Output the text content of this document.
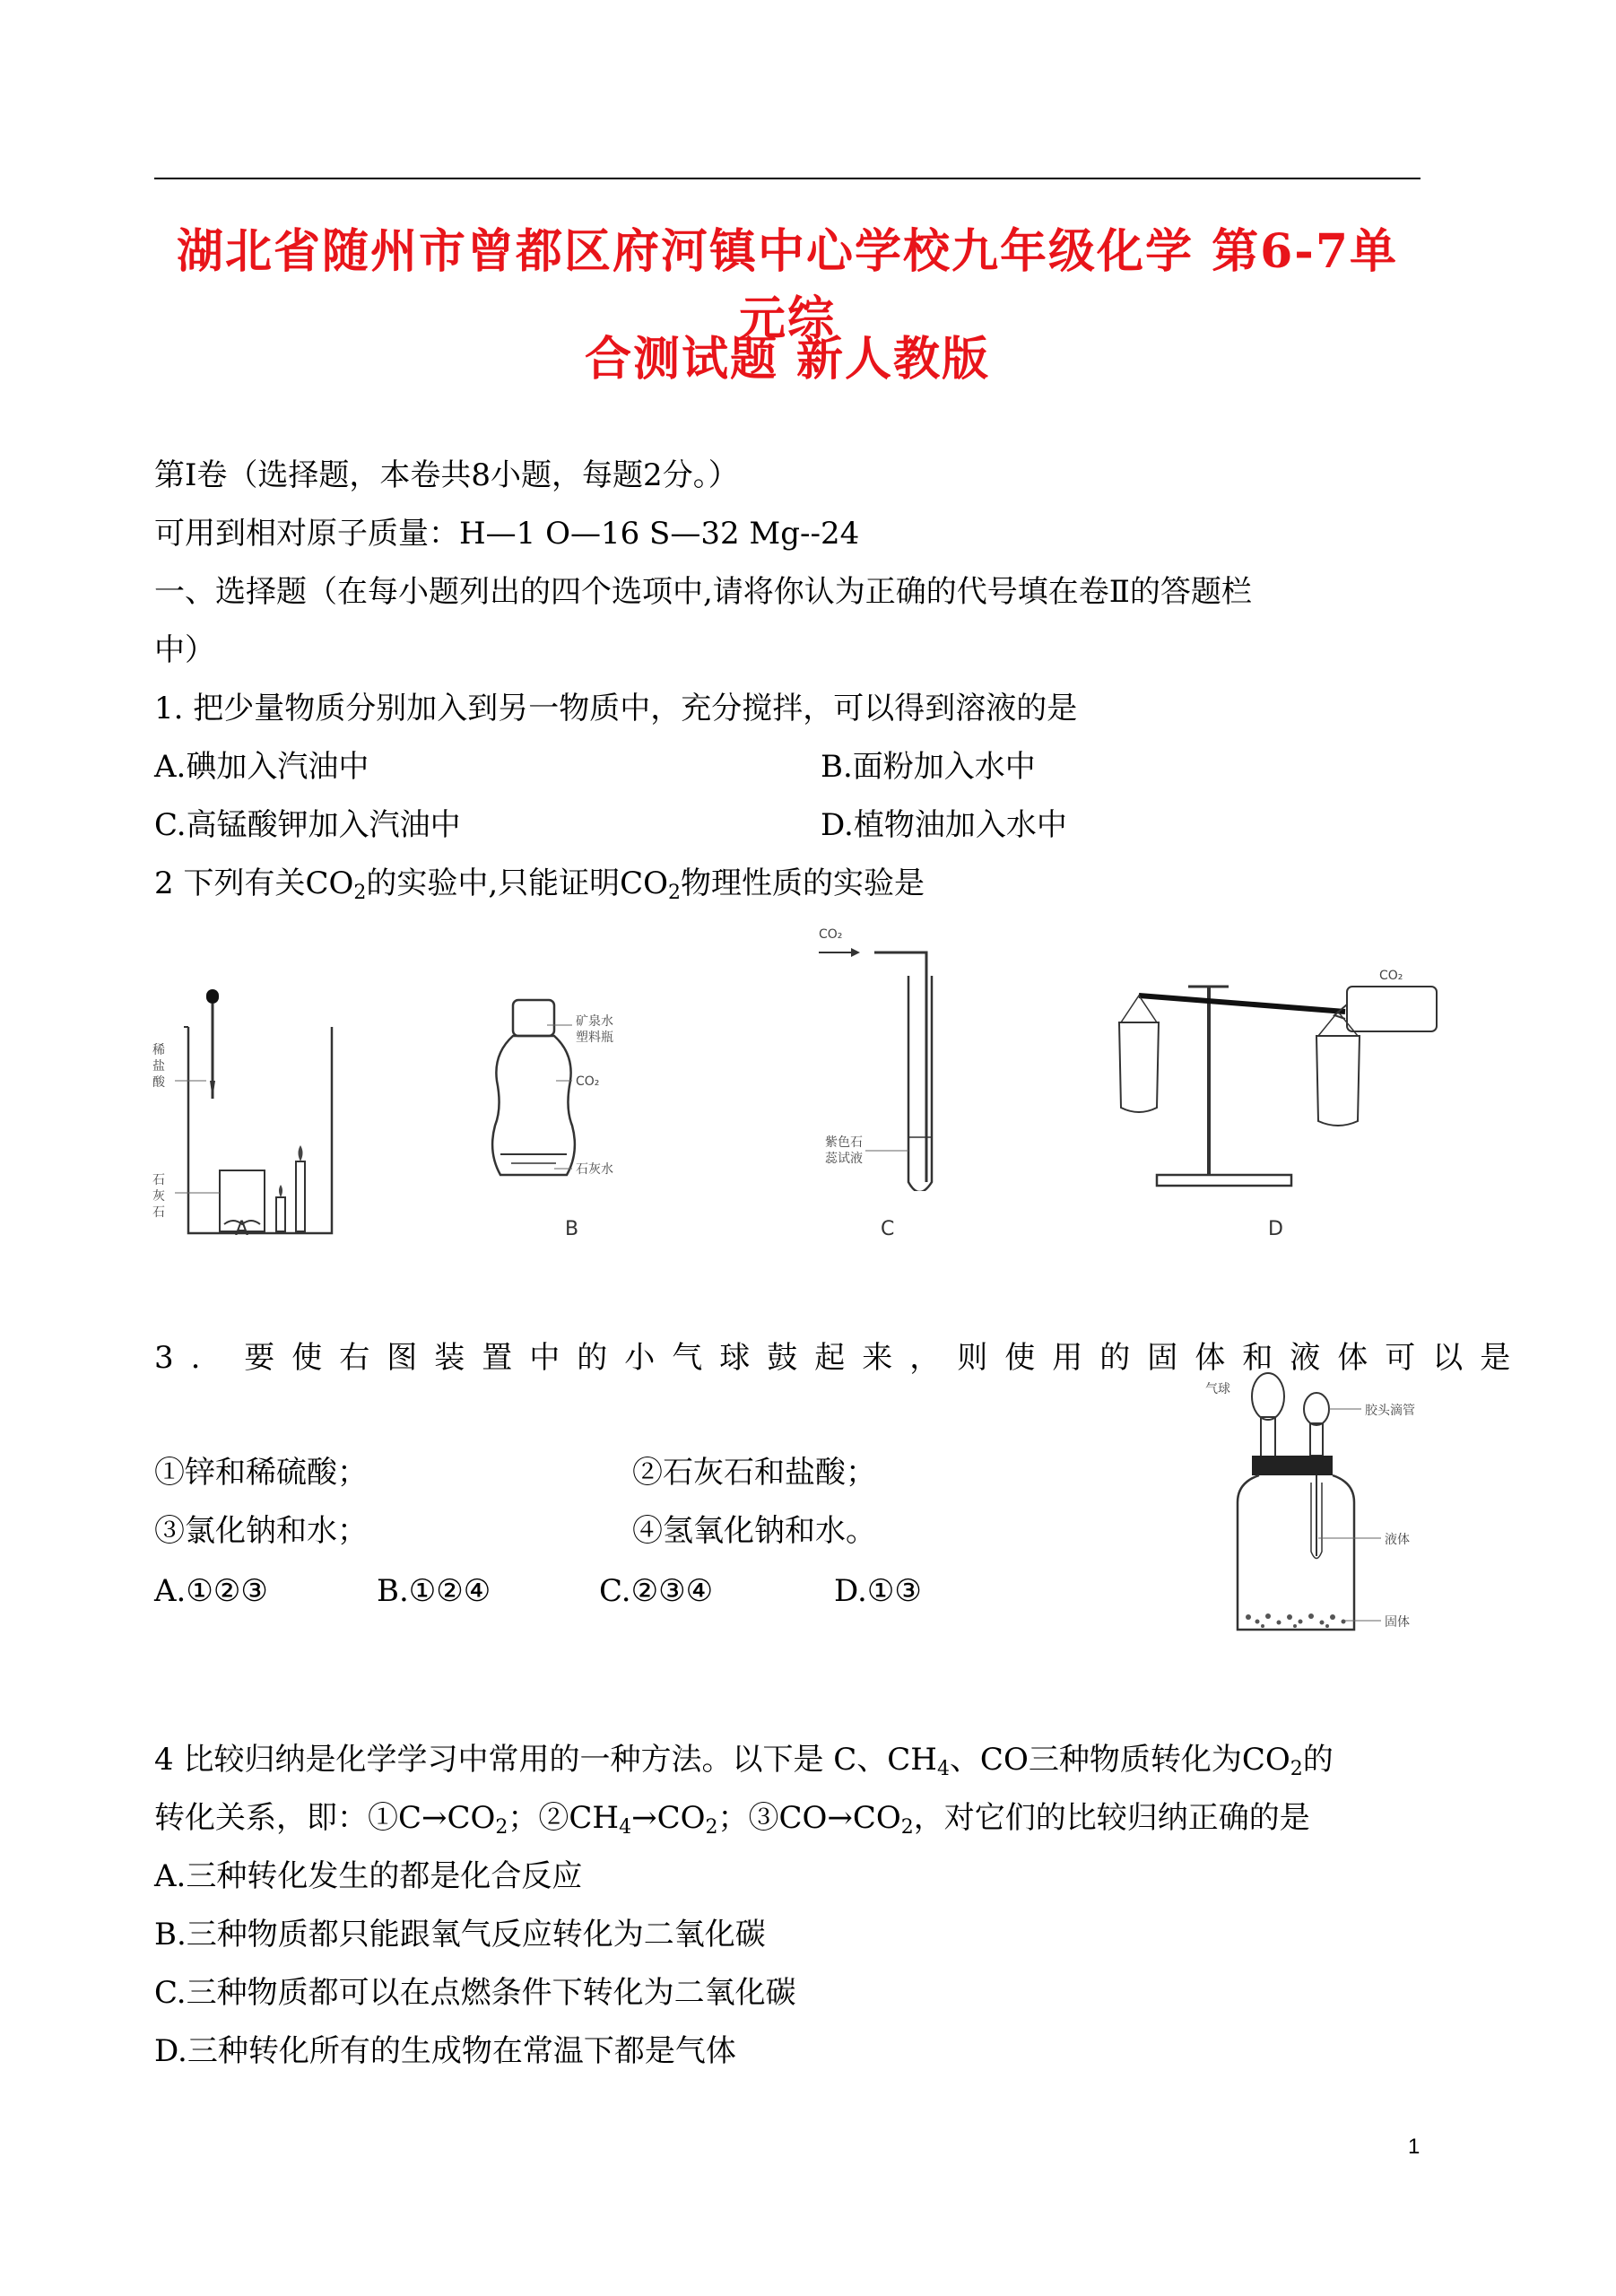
湖北省随州市曾都区府河镇中心学校九年级化学 第6-7单元综
合测试题 新人教版
第Ⅰ卷（选择题，本卷共8小题，每题2分。）
可用到相对原子质量：H—1 O—16 S—32 Mg--24
一、选择题（在每小题列出的四个选项中,请将你认为正确的代号填在卷Ⅱ的答题栏
中）
1. 把少量物质分别加入到另一物质中，充分搅拌，可以得到溶液的是
A.碘加入汽油中	B.面粉加入水中
C.高锰酸钾加入汽油中	D.植物油加入水中
2 下列有关$CO_2$的实验中,只能证明$CO_2$物理性质的实验是
稀盐酸
石灰石
A
矿泉水
塑料瓶
CO₂
石灰水
B
CO₂
紫色石
蕊试液
C
CO₂
D
3. 要使右图装置中的小气球鼓起来，则使用的固体和液体可以是
①锌和稀硫酸；	②石灰石和盐酸；
③氯化钠和水；	④氢氧化钠和水。
A.①②③	B.①②④	C.②③④	D.①③
气球
胶头滴管
液体
固体
4 比较归纳是化学学习中常用的一种方法。以下是 C、$CH_4$、CO三种物质转化为$CO_2$的
转化关系，即：$①C\to CO_2$；$②CH_4\to CO_2$；$③CO\to CO_2$，对它们的比较归纳正确的是
A.三种转化发生的都是化合反应
B.三种物质都只能跟氧气反应转化为二氧化碳
C.三种物质都可以在点燃条件下转化为二氧化碳
D.三种转化所有的生成物在常温下都是气体
1
